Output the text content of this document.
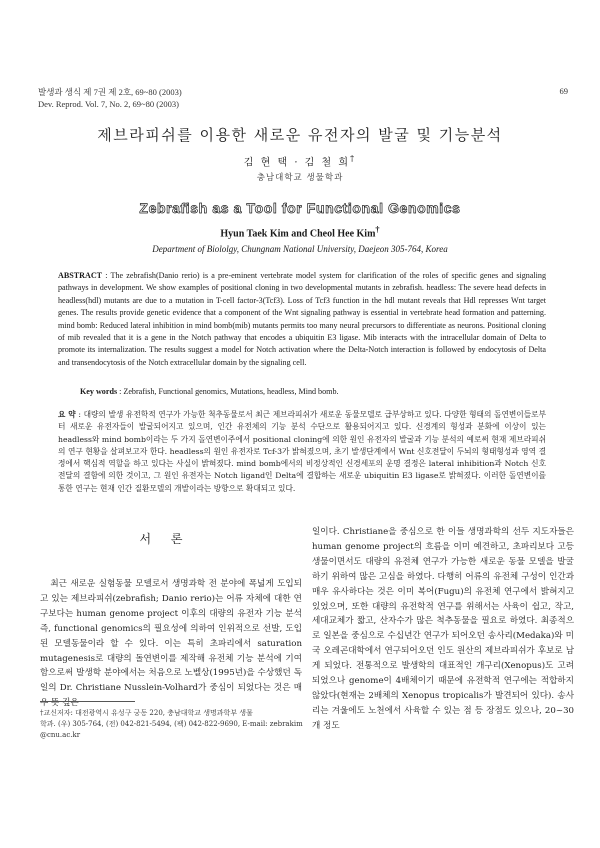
발생과 생식 제 7권 제 2호, 69~80 (2003)
Dev. Reprod. Vol. 7, No. 2, 69~80 (2003)
69
제브라피쉬를 이용한 새로운 유전자의 발굴 및 기능분석
김 현 택 · 김 철 희†
충남대학교 생물학과
Zebrafish as a Tool for Functional Genomics
Hyun Taek Kim and Cheol Hee Kim†
Department of Biololgy, Chungnam National University, Daejeon 305-764, Korea
ABSTRACT : The zebrafish(Danio rerio) is a pre-eminent vertebrate model system for clarification of the roles of specific genes and signaling pathways in development. We show examples of positional cloning in two developmental mutants in zebrafish. headless: The severe head defects in headless(hdl) mutants are due to a mutation in T-cell factor-3(Tcf3). Loss of Tcf3 function in the hdl mutant reveals that Hdl represses Wnt target genes. The results provide genetic evidence that a component of the Wnt signaling pathway is essential in vertebrate head formation and patterning. mind bomb: Reduced lateral inhibition in mind bomb(mib) mutants permits too many neural precursors to differentiate as neurons. Positional cloning of mib revealed that it is a gene in the Notch pathway that encodes a ubiquitin E3 ligase. Mib interacts with the intracellular domain of Delta to promote its internalization. The results suggest a model for Notch activation where the Delta-Notch interaction is followed by endocytosis of Delta and transendocytosis of the Notch extracellular domain by the signaling cell.
Key words : Zebrafish, Functional genomics, Mutations, headless, Mind bomb.
요 약 : 대량의 발생 유전학적 연구가 가능한 척추동물로서 최근 제브라피쉬가 새로운 동물모델로 급부상하고 있다. 다양한 형태의 돌연변이들로부터 새로운 유전자들이 발굴되어지고 있으며, 인간 유전체의 기능 분석 수단으로 활용되어지고 있다. 신경계의 형성과 분화에 이상이 있는 headless와 mind bomb이라는 두 가지 돌연변이주에서 positional cloning에 의한 원인 유전자의 발굴과 기능 분석의 예로써 현재 제브라피쉬의 연구 현황을 살펴보고자 한다. headless의 원인 유전자로 Tcf-3가 밝혀졌으며, 초기 발생단계에서 Wnt 신호전달이 두뇌의 형태형성과 영역 결정에서 핵심적 역할을 하고 있다는 사실이 밝혀졌다. mind bomb에서의 비정상적인 신경세포의 운명 결정은 lateral inhibition과 Notch 신호전달의 결함에 의한 것이고, 그 원인 유전자는 Notch ligand인 Delta에 결합하는 새로운 ubiquitin E3 ligase로 밝혀졌다. 이러한 돌연변이를 통한 연구는 현재 인간 질환모델의 개발이라는 방향으로 확대되고 있다.
서 론

최근 새로운 실험동물 모델로서 생명과학 전 분야에 폭넓게 도입되고 있는 제브라피쉬(zebrafish; Danio rerio)는 어류 자체에 대한 연구보다는 human genome project 이후의 대량의 유전자 기능 분석 즉, functional genomics의 필요성에 의하여 인위적으로 선발, 도입된 모델동물이라 할 수 있다. 이는 특히 초파리에서 saturation mutagenesis로 대량의 돌연변이를 제작해 유전체 기능 분석에 기여함으로써 발생학 분야에서는 처음으로 노벨상(1995년)을 수상했던 독일의 Dr. Christiane Nusslein-Volhard가 중심이 되었다는 것은 매우 뜻 깊은

†교신저자: 대전광역시 유성구 궁동 220, 충남대학교 생명과학부 생물
학과. (우) 305-764, (전) 042-821-5494, (팩) 042-822-9690, E-mail: zebrakim
@cnu.ac.kr

일이다. Christiane을 중심으로 한 이들 생명과학의 선두 지도자들은 human genome project의 흐름을 이미 예견하고, 초파리보다 고등생물이면서도 대량의 유전체 연구가 가능한 새로운 동물 모델을 발굴하기 위하여 많은 고심을 하였다. 다행히 어류의 유전체 구성이 인간과 매우 유사하다는 것은 이미 복어(Fugu)의 유전체 연구에서 밝혀지고 있었으며, 또한 대량의 유전학적 연구를 위해서는 사육이 쉽고, 작고, 세대교체가 짧고, 산자수가 많은 척추동물을 필요로 하였다. 최종적으로 일본을 중심으로 수십년간 연구가 되어오던 송사리(Medaka)와 미국 오레곤대학에서 연구되어오던 인도 원산의 제브라피쉬가 후보로 남게 되었다. 전통적으로 발생학의 대표적인 개구리(Xenopus)도 고려되었으나 genome이 4배체이기 때문에 유전학적 연구에는 적합하지 않았다(현재는 2배체의 Xenopus tropicalis가 발견되어 있다). 송사리는 겨울에도 노천에서 사육할 수 있는 점 등 장점도 있으나, 20~30개 정도
